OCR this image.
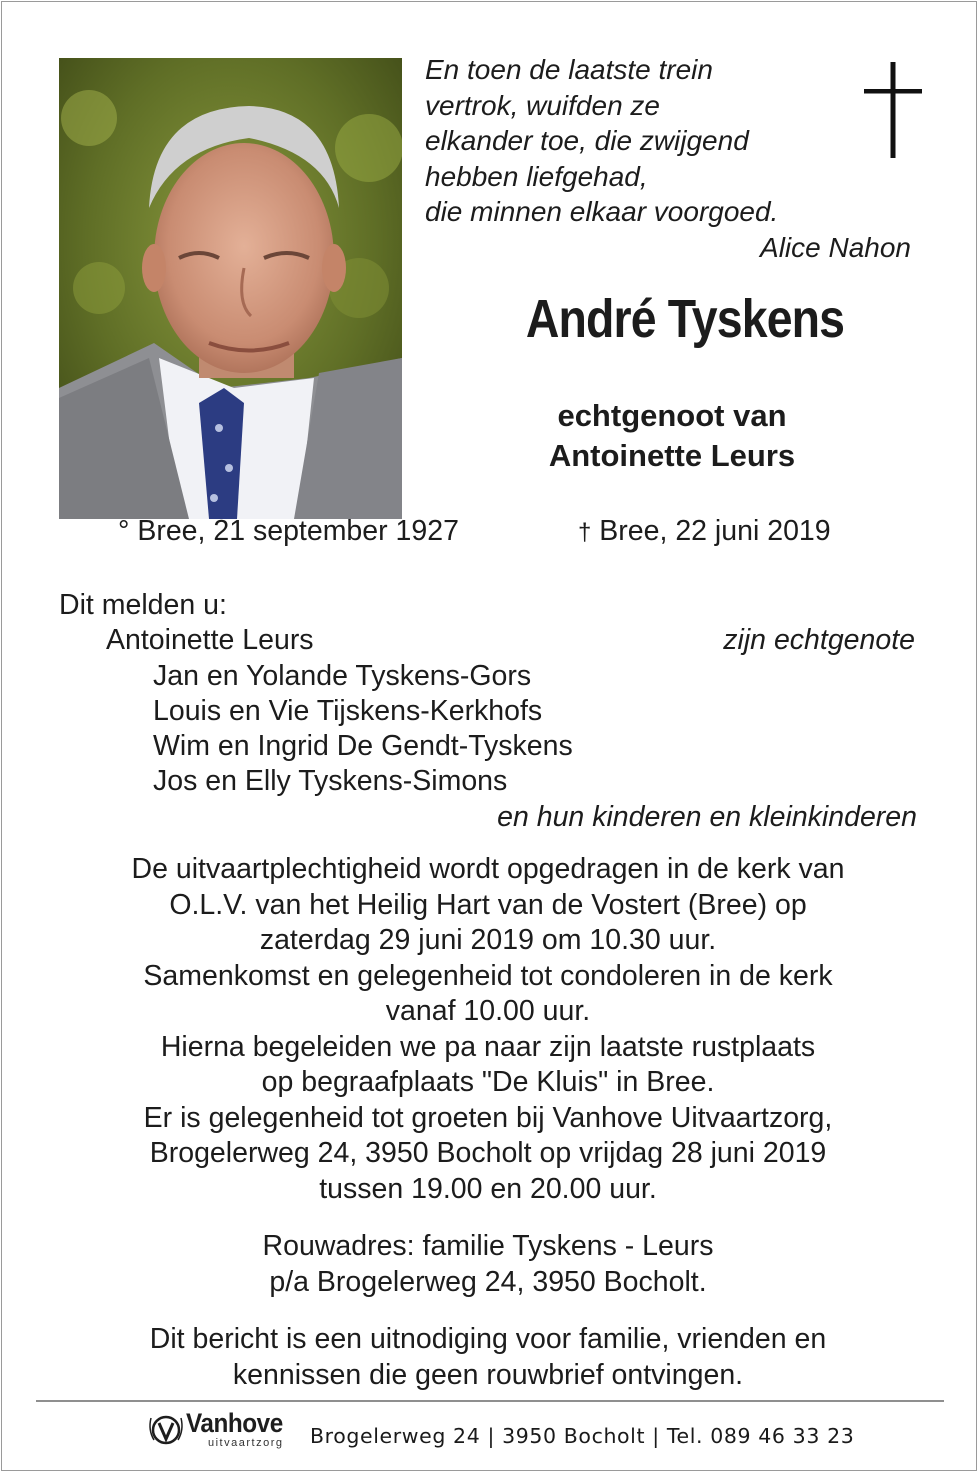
En toen de laatste trein
vertrok, wuifden ze
elkander toe, die zwijgend
hebben liefgehad,
die minnen elkaar voorgoed.
Alice Nahon
André Tyskens
echtgenoot van
Antoinette Leurs
° Bree, 21 september 1927	† Bree, 22 juni 2019
Dit melden u:
Antoinette Leurs	zijn echtgenote
Jan en Yolande Tyskens-Gors
Louis en Vie Tijskens-Kerkhofs
Wim en Ingrid De Gendt-Tyskens
Jos en Elly Tyskens-Simons
en hun kinderen en kleinkinderen
De uitvaartplechtigheid wordt opgedragen in de kerk van
O.L.V. van het Heilig Hart van de Vostert (Bree) op
zaterdag 29 juni 2019 om 10.30 uur.
Samenkomst en gelegenheid tot condoleren in de kerk
vanaf 10.00 uur.
Hierna begeleiden we pa naar zijn laatste rustplaats
op begraafplaats "De Kluis" in Bree.
Er is gelegenheid tot groeten bij Vanhove Uitvaartzorg,
Brogelerweg 24, 3950 Bocholt op vrijdag 28 juni 2019
tussen 19.00 en 20.00 uur.
Rouwadres: familie Tyskens - Leurs
p/a Brogelerweg 24, 3950 Bocholt.
Dit bericht is een uitnodiging voor familie, vrienden en
kennissen die geen rouwbrief ontvingen.
Vanhove
uitvaartzorg Brogelerweg 24 | 3950 Bocholt | Tel. 089 46 33 23
